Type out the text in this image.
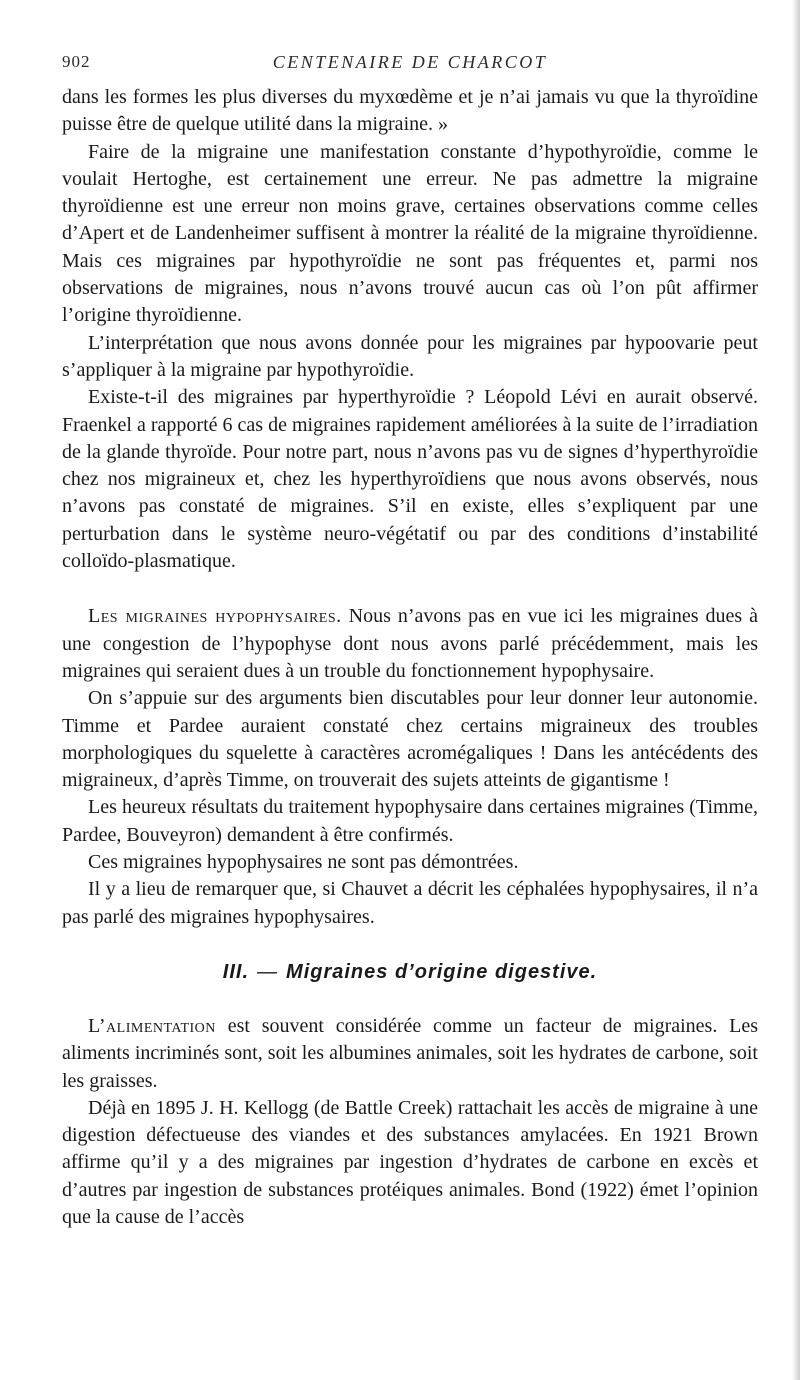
902	CENTENAIRE DE CHARCOT

dans les formes les plus diverses du myxœdème et je n’ai jamais vu que la thyroïdine puisse être de quelque utilité dans la migraine. »

Faire de la migraine une manifestation constante d’hypothyroïdie, comme le voulait Hertoghe, est certainement une erreur. Ne pas admettre la migraine thyroïdienne est une erreur non moins grave, certaines observations comme celles d’Apert et de Landenheimer suffisent à montrer la réalité de la migraine thyroïdienne. Mais ces migraines par hypothyroïdie ne sont pas fréquentes et, parmi nos observations de migraines, nous n’avons trouvé aucun cas où l’on pût affirmer l’origine thyroïdienne.

L’interprétation que nous avons donnée pour les migraines par hypoovarie peut s’appliquer à la migraine par hypothyroïdie.

Existe-t-il des migraines par hyperthyroïdie ? Léopold Lévi en aurait observé. Fraenkel a rapporté 6 cas de migraines rapidement améliorées à la suite de l’irradiation de la glande thyroïde. Pour notre part, nous n’avons pas vu de signes d’hyperthyroïdie chez nos migraineux et, chez les hyperthyroïdiens que nous avons observés, nous n’avons pas constaté de migraines. S’il en existe, elles s’expliquent par une perturbation dans le système neuro-végétatif ou par des conditions d’instabilité colloïdo-plasmatique.

Les migraines hypophysaires. Nous n’avons pas en vue ici les migraines dues à une congestion de l’hypophyse dont nous avons parlé précédemment, mais les migraines qui seraient dues à un trouble du fonctionnement hypophysaire.

On s’appuie sur des arguments bien discutables pour leur donner leur autonomie. Timme et Pardee auraient constaté chez certains migraineux des troubles morphologiques du squelette à caractères acromégaliques ! Dans les antécédents des migraineux, d’après Timme, on trouverait des sujets atteints de gigantisme !

Les heureux résultats du traitement hypophysaire dans certaines migraines (Timme, Pardee, Bouveyron) demandent à être confirmés.

Ces migraines hypophysaires ne sont pas démontrées.

Il y a lieu de remarquer que, si Chauvet a décrit les céphalées hypophysaires, il n’a pas parlé des migraines hypophysaires.

III. — Migraines d’origine digestive.

L’alimentation est souvent considérée comme un facteur de migraines. Les aliments incriminés sont, soit les albumines animales, soit les hydrates de carbone, soit les graisses.

Déjà en 1895 J. H. Kellogg (de Battle Creek) rattachait les accès de migraine à une digestion défectueuse des viandes et des substances amylacées. En 1921 Brown affirme qu’il y a des migraines par ingestion d’hydrates de carbone en excès et d’autres par ingestion de substances protéiques animales. Bond (1922) émet l’opinion que la cause de l’accès
